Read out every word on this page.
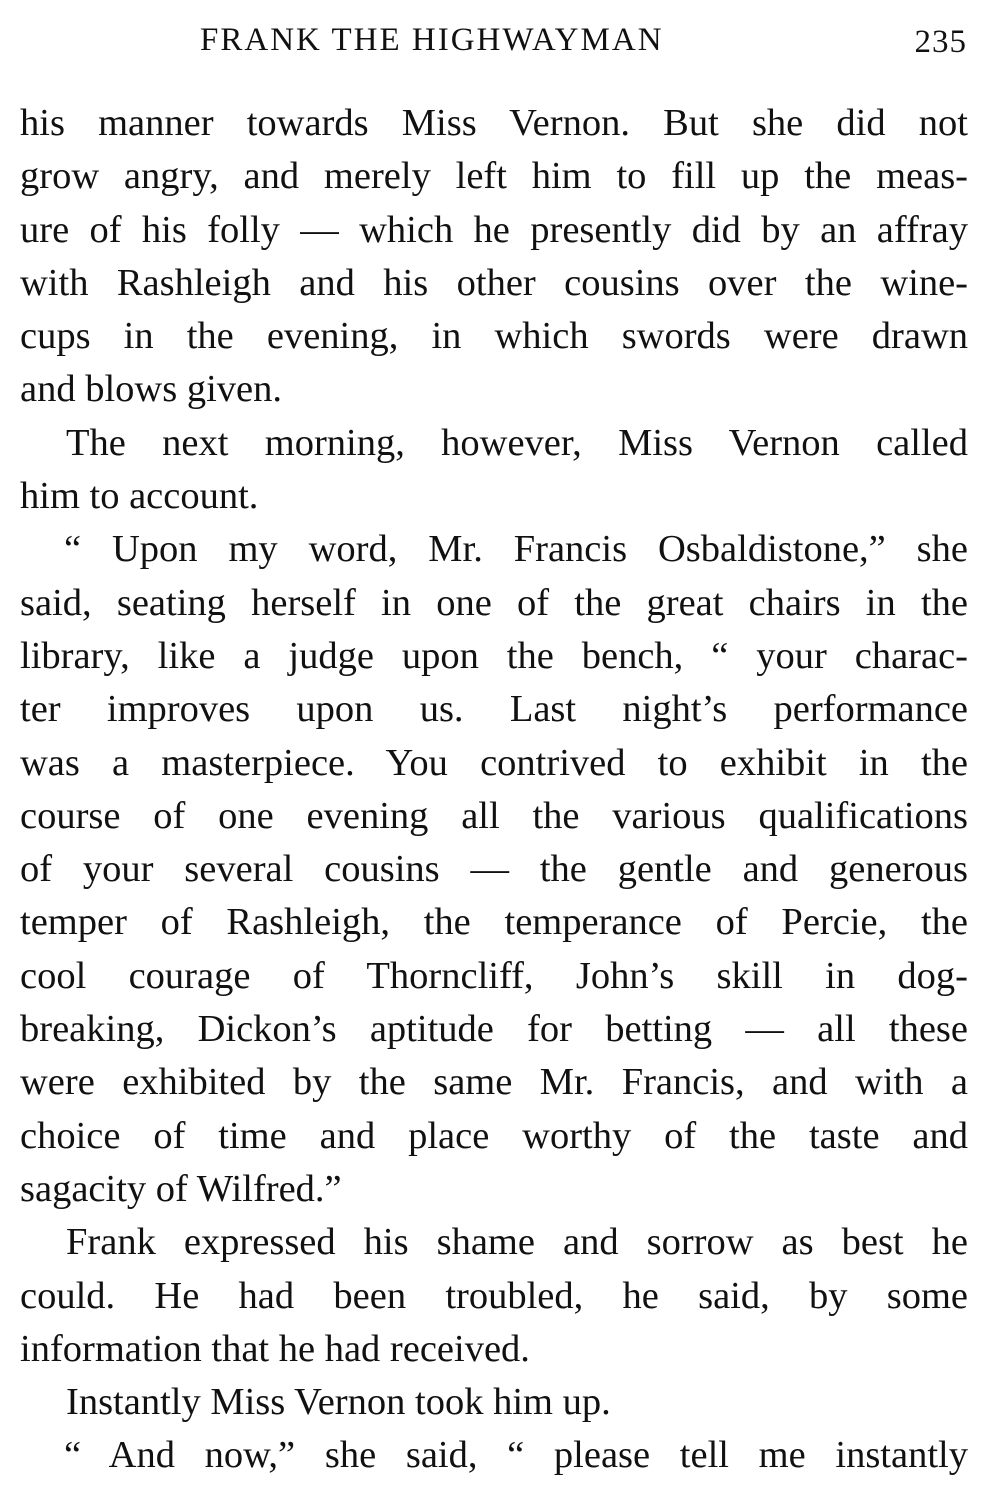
FRANK THE HIGHWAYMAN	235
his manner towards Miss Vernon. But she did not
grow angry, and merely left him to fill up the meas-
ure of his folly — which he presently did by an affray
with Rashleigh and his other cousins over the wine-
cups in the evening, in which swords were drawn
and blows given.
The next morning, however, Miss Vernon called
him to account.
“ Upon my word, Mr. Francis Osbaldistone,” she
said, seating herself in one of the great chairs in the
library, like a judge upon the bench, “ your charac-
ter improves upon us. Last night’s performance
was a masterpiece. You contrived to exhibit in the
course of one evening all the various qualifications
of your several cousins — the gentle and generous
temper of Rashleigh, the temperance of Percie, the
cool courage of Thorncliff, John’s skill in dog-
breaking, Dickon’s aptitude for betting — all these
were exhibited by the same Mr. Francis, and with a
choice of time and place worthy of the taste and
sagacity of Wilfred.”
Frank expressed his shame and sorrow as best he
could. He had been troubled, he said, by some
information that he had received.
Instantly Miss Vernon took him up.
“ And now,” she said, “ please tell me instantly
